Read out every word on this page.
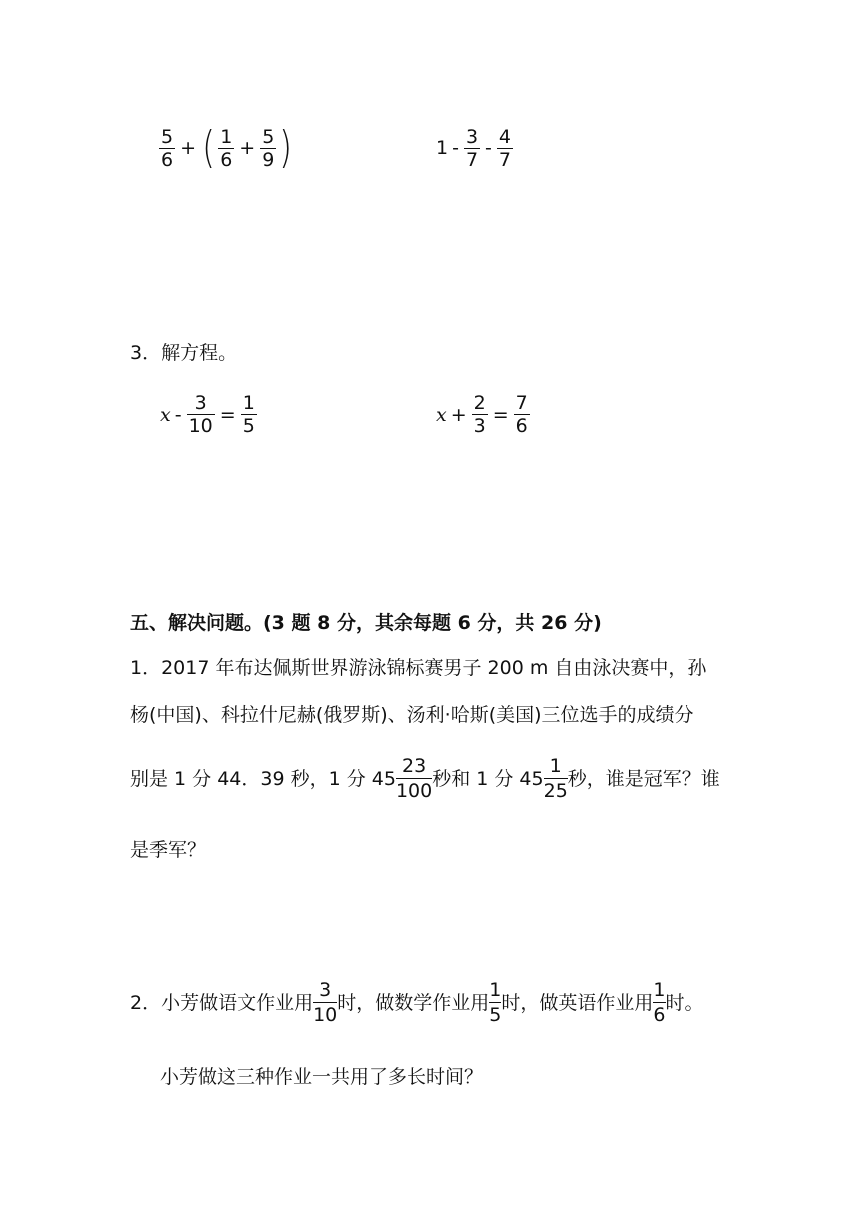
$\frac{5}{6}$ + ( $\frac{1}{6} + \frac{5}{9}$ )	$1 - \frac{3}{7} - \frac{4}{7}$
3．解方程。
$x - \frac{3}{10} = \frac{1}{5}$	$x + \frac{2}{3} = \frac{7}{6}$
五、解决问题。(3 题 8 分，其余每题 6 分，共 26 分)
1．2017 年布达佩斯世界游泳锦标赛男子 200 m 自由泳决赛中，孙
杨(中国)、科拉什尼赫(俄罗斯)、汤利·哈斯(美国)三位选手的成绩分
别是 1 分 44．39 秒，1 分 $45 \frac{23}{100}$ 秒和 1 分 $45 \frac{1}{25}$ 秒，谁是冠军？谁
是季军？
2．小芳做语文作业用 $\frac{3}{10}$ 时，做数学作业用 $\frac{1}{5}$ 时，做英语作业用 $\frac{1}{6}$ 时。
小芳做这三种作业一共用了多长时间？
